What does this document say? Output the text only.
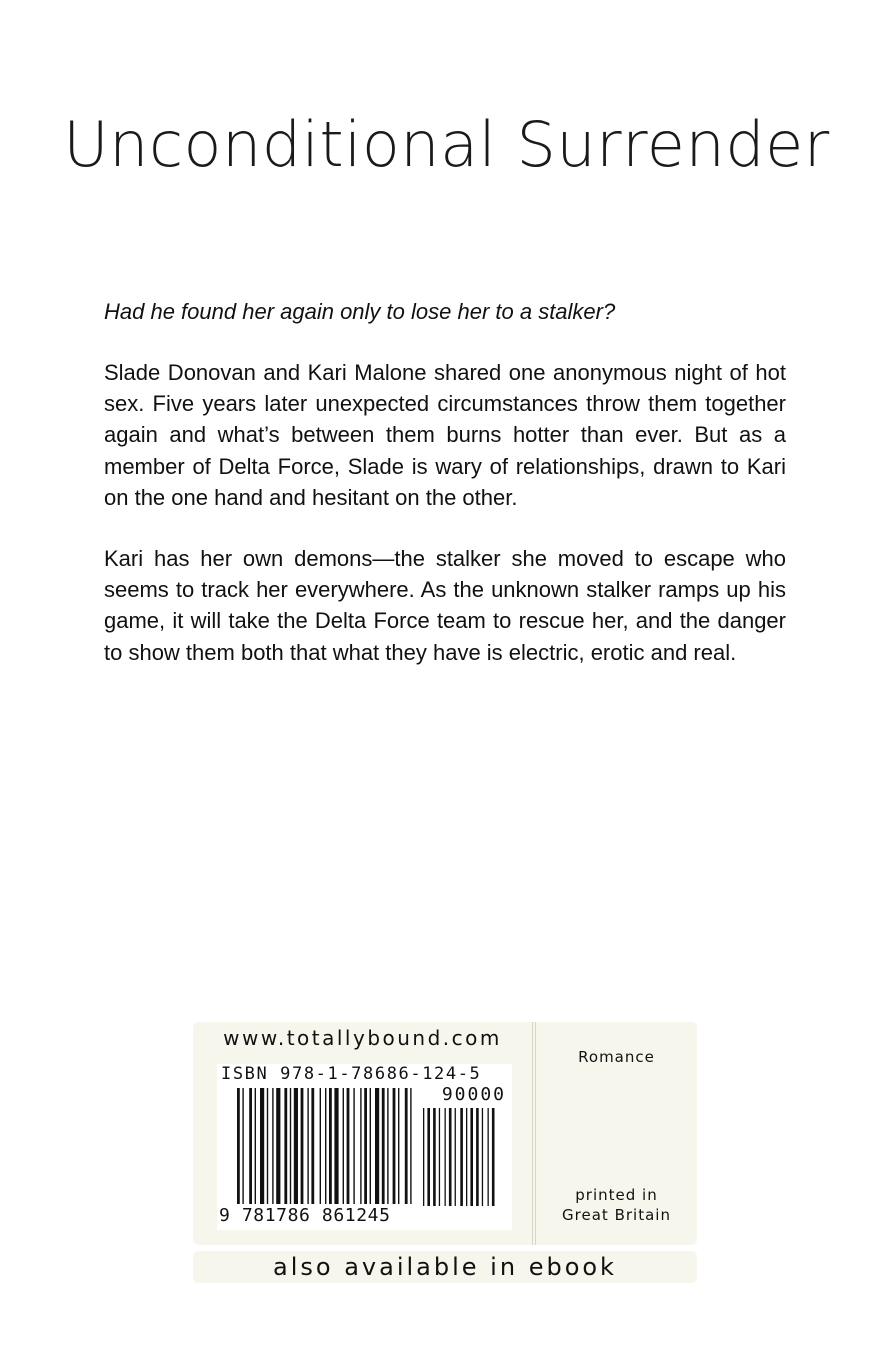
Unconditional Surrender

Had he found her again only to lose her to a stalker?

Slade Donovan and Kari Malone shared one anonymous night of hot sex. Five years later unexpected circumstances throw them together again and what’s between them burns hotter than ever. But as a member of Delta Force, Slade is wary of relationships, drawn to Kari on the one hand and hesitant on the other.

Kari has her own demons—the stalker she moved to escape who seems to track her everywhere. As the unknown stalker ramps up his game, it will take the Delta Force team to rescue her, and the danger to show them both that what they have is electric, erotic and real.

www.totallybound.com
ISBN 978-1-78686-124-5
90000
9 781786 861245
Romance
printed in
Great Britain
also available in ebook
